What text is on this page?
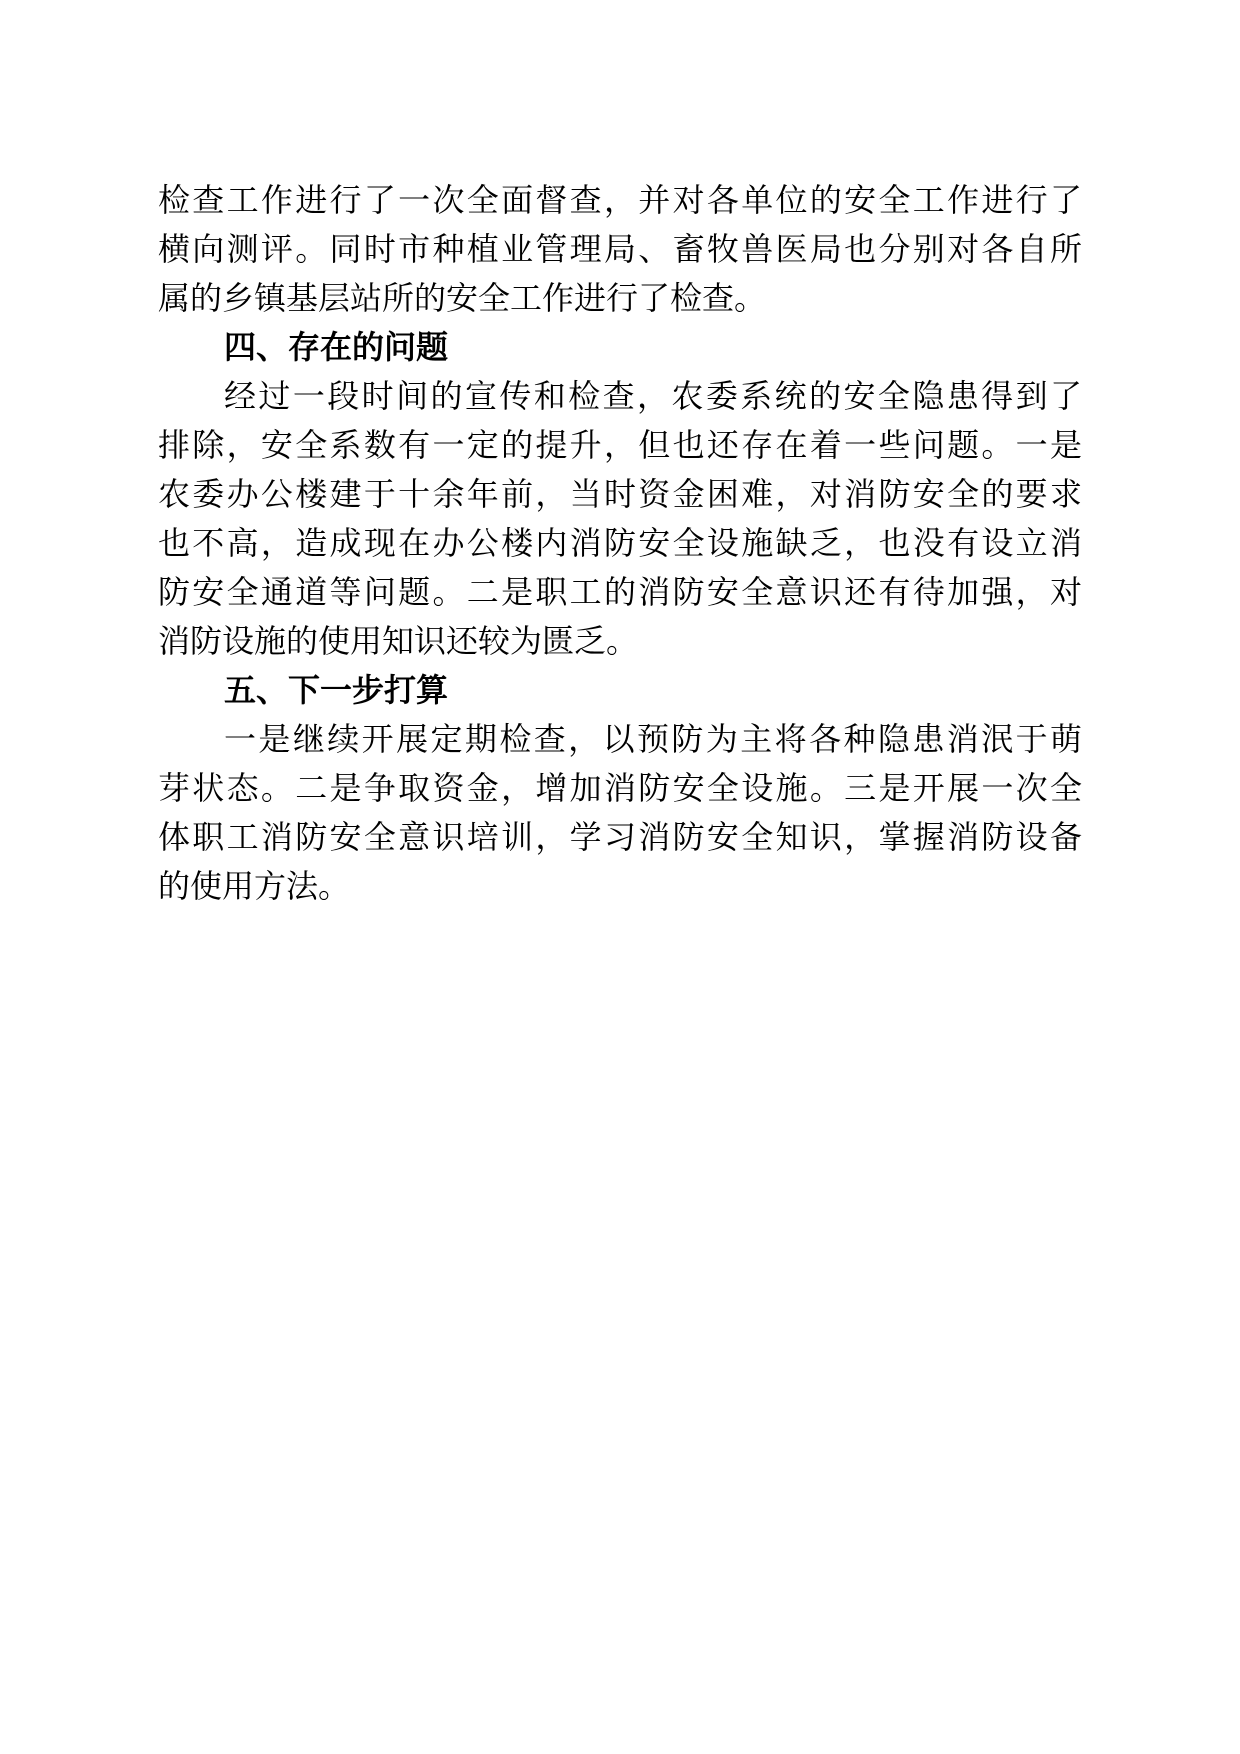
检查工作进行了一次全面督查，并对各单位的安全工作进行了
横向测评。同时市种植业管理局、畜牧兽医局也分别对各自所
属的乡镇基层站所的安全工作进行了检查。
四、存在的问题
经过一段时间的宣传和检查，农委系统的安全隐患得到了
排除，安全系数有一定的提升，但也还存在着一些问题。一是
农委办公楼建于十余年前，当时资金困难，对消防安全的要求
也不高，造成现在办公楼内消防安全设施缺乏，也没有设立消
防安全通道等问题。二是职工的消防安全意识还有待加强，对
消防设施的使用知识还较为匮乏。
五、下一步打算
一是继续开展定期检查，以预防为主将各种隐患消泯于萌
芽状态。二是争取资金，增加消防安全设施。三是开展一次全
体职工消防安全意识培训，学习消防安全知识，掌握消防设备
的使用方法。
